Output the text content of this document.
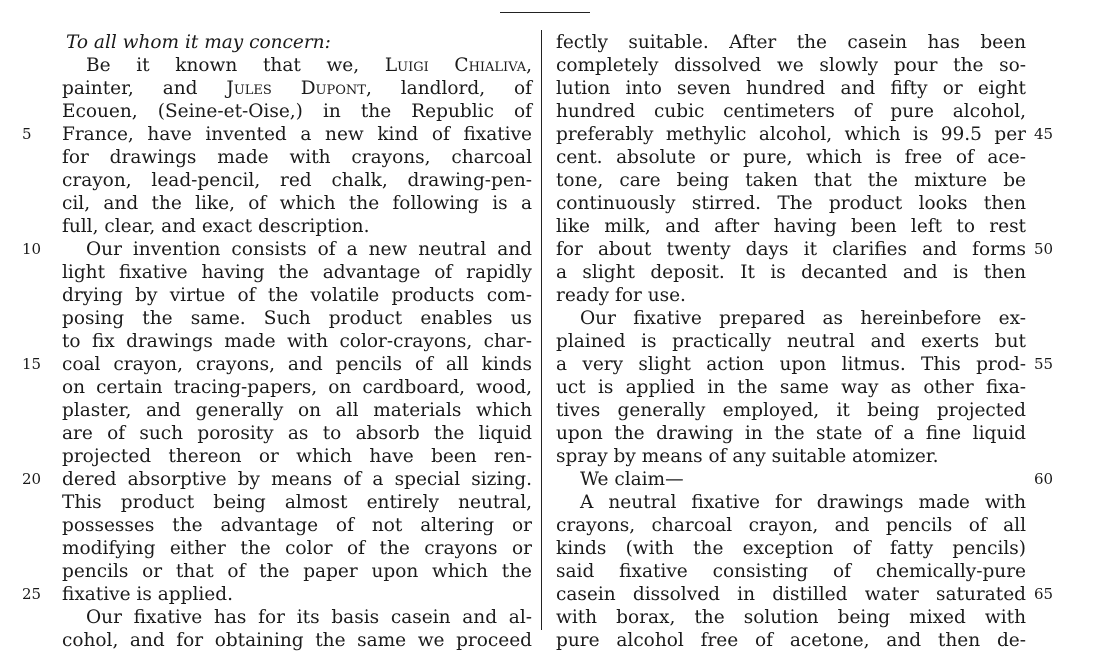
To all whom it may concern:
Be it known that we, Luigi Chialiva,
painter, and Jules Dupont, landlord, of
Ecouen, (Seine-et-Oise,) in the Republic of
France, have invented a new kind of fixative
for drawings made with crayons, charcoal
crayon, lead-pencil, red chalk, drawing-pen-
cil, and the like, of which the following is a
full, clear, and exact description.
Our invention consists of a new neutral and
light fixative having the advantage of rapidly
drying by virtue of the volatile products com-
posing the same. Such product enables us
to fix drawings made with color-crayons, char-
coal crayon, crayons, and pencils of all kinds
on certain tracing-papers, on cardboard, wood,
plaster, and generally on all materials which
are of such porosity as to absorb the liquid
projected thereon or which have been ren-
dered absorptive by means of a special sizing.
This product being almost entirely neutral,
possesses the advantage of not altering or
modifying either the color of the crayons or
pencils or that of the paper upon which the
fixative is applied.
Our fixative has for its basis casein and al-
cohol, and for obtaining the same we proceed
5
10
15
20
25
fectly suitable. After the casein has been
completely dissolved we slowly pour the so-
lution into seven hundred and fifty or eight
hundred cubic centimeters of pure alcohol,
preferably methylic alcohol, which is 99.5 per
cent. absolute or pure, which is free of ace-
tone, care being taken that the mixture be
continuously stirred. The product looks then
like milk, and after having been left to rest
for about twenty days it clarifies and forms
a slight deposit. It is decanted and is then
ready for use.
Our fixative prepared as hereinbefore ex-
plained is practically neutral and exerts but
a very slight action upon litmus. This prod-
uct is applied in the same way as other fixa-
tives generally employed, it being projected
upon the drawing in the state of a fine liquid
spray by means of any suitable atomizer.
We claim—
A neutral fixative for drawings made with
crayons, charcoal crayon, and pencils of all
kinds (with the exception of fatty pencils)
said fixative consisting of chemically-pure
casein dissolved in distilled water saturated
with borax, the solution being mixed with
pure alcohol free of acetone, and then de-
45
50
55
60
65
